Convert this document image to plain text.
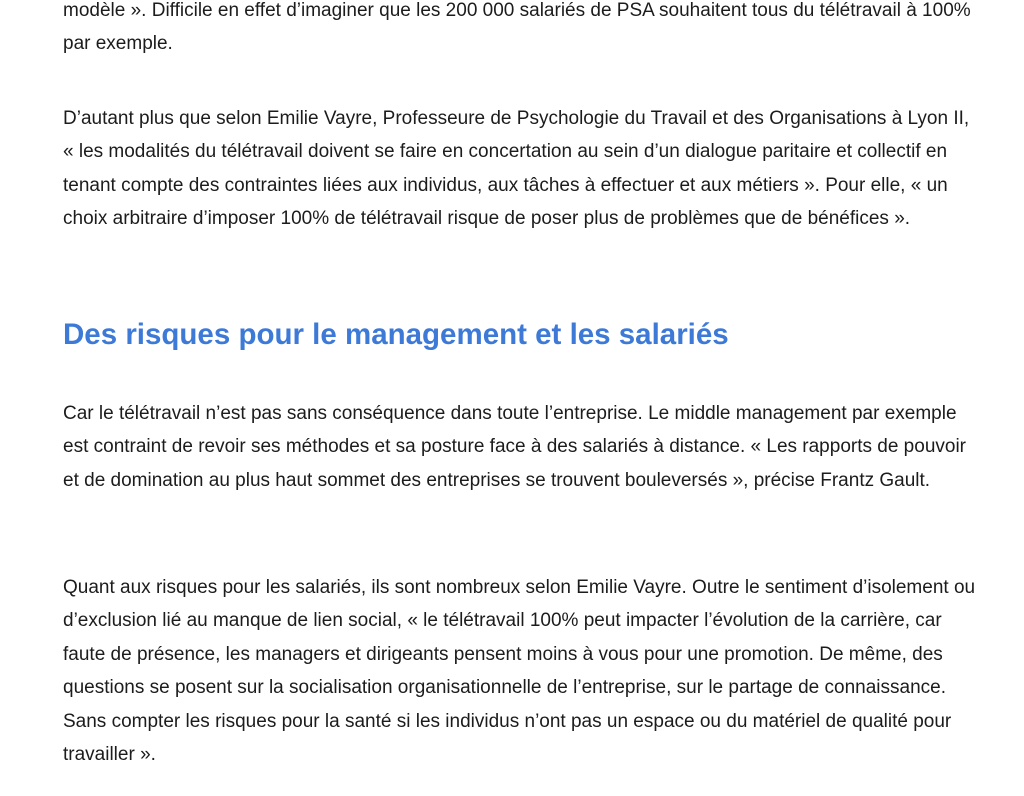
modèle ». Difficile en effet d’imaginer que les 200 000 salariés de PSA souhaitent tous du télétravail à 100% par exemple.

D’autant plus que selon Emilie Vayre, Professeure de Psychologie du Travail et des Organisations à Lyon II, « les modalités du télétravail doivent se faire en concertation au sein d’un dialogue paritaire et collectif en tenant compte des contraintes liées aux individus, aux tâches à effectuer et aux métiers ». Pour elle, « un choix arbitraire d’imposer 100% de télétravail risque de poser plus de problèmes que de bénéfices ».

Des risques pour le management et les salariés

Car le télétravail n’est pas sans conséquence dans toute l’entreprise. Le middle management par exemple est contraint de revoir ses méthodes et sa posture face à des salariés à distance. « Les rapports de pouvoir et de domination au plus haut sommet des entreprises se trouvent bouleversés », précise Frantz Gault.

Quant aux risques pour les salariés, ils sont nombreux selon Emilie Vayre. Outre le sentiment d’isolement ou d’exclusion lié au manque de lien social, « le télétravail 100% peut impacter l’évolution de la carrière, car faute de présence, les managers et dirigeants pensent moins à vous pour une promotion. De même, des questions se posent sur la socialisation organisationnelle de l’entreprise, sur le partage de connaissance. Sans compter les risques pour la santé si les individus n’ont pas un espace ou du matériel de qualité pour travailler ».
